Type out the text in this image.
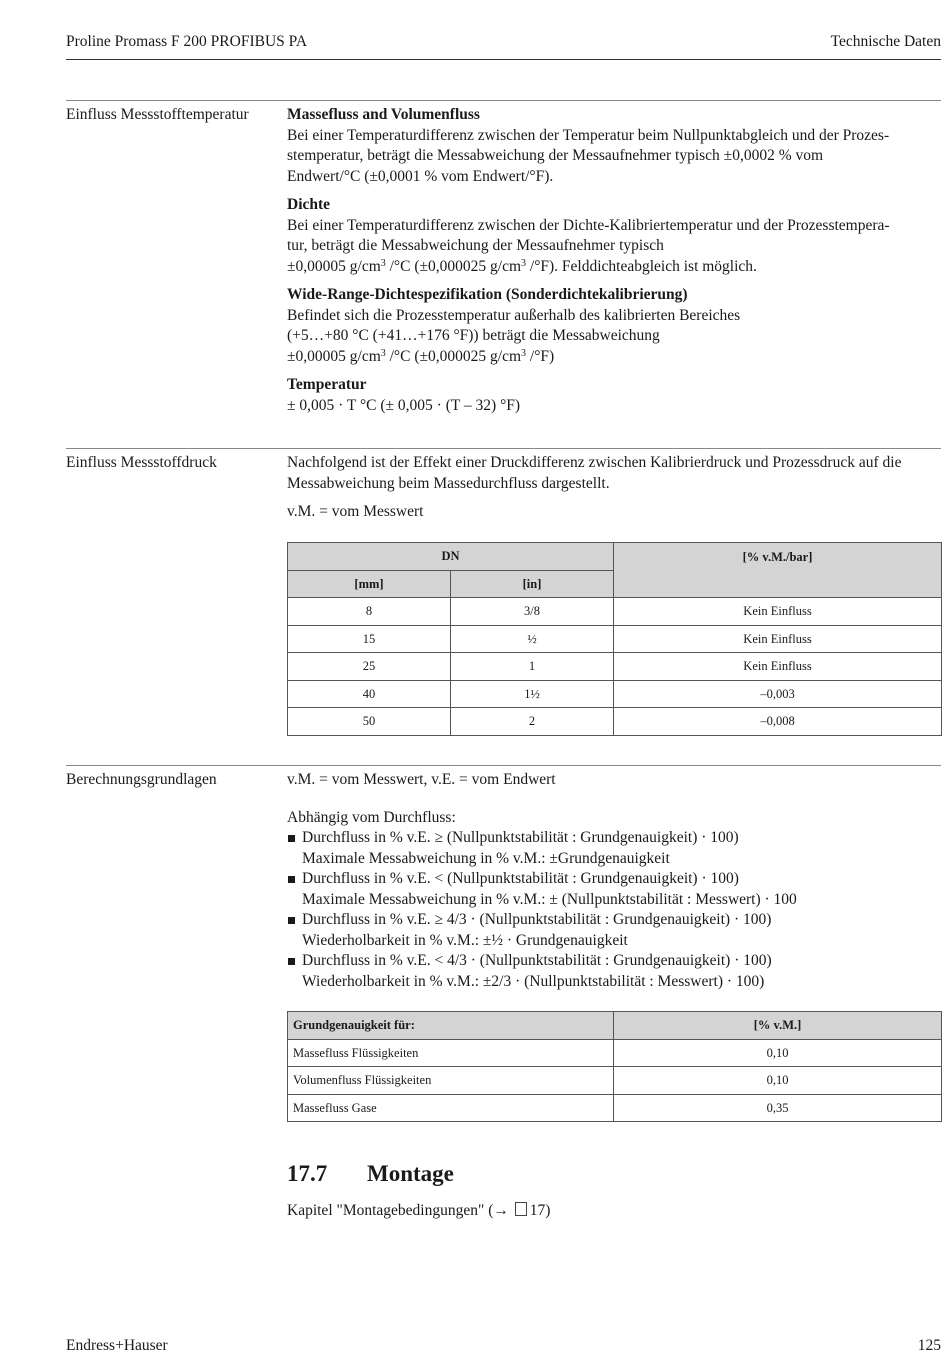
Proline Promass F 200 PROFIBUS PA	Technische Daten
Einfluss Messstofftemperatur	Massefluss and Volumenfluss

Bei einer Temperaturdifferenz zwischen der Temperatur beim Nullpunktabgleich und der Prozes-

stemperatur, beträgt die Messabweichung der Messaufnehmer typisch ±0,0002 % vom

Endwert/°C (±0,0001 % vom Endwert/°F).

Dichte

Bei einer Temperaturdifferenz zwischen der Dichte-Kalibriertemperatur und der Prozesstempera-

tur, beträgt die Messabweichung der Messaufnehmer typisch

±0,00005 $g/cm^3$ /°C (±0,000025 $g/cm^3$ /°F). Felddichteabgleich ist möglich.

Wide-Range-Dichtespezifikation (Sonderdichtekalibrierung)

Befindet sich die Prozesstemperatur außerhalb des kalibrierten Bereiches

(+5…+80 °C (+41…+176 °F)) beträgt die Messabweichung

±0,00005 $g/cm^3$ /°C (±0,000025 $g/cm^3$ /°F)

Temperatur

± 0,005 · T °C (± 0,005 · (T – 32) °F)

Einfluss Messstoffdruck	Nachfolgend ist der Effekt einer Druckdifferenz zwischen Kalibrierdruck und Prozessdruck auf die

Messabweichung beim Massedurchfluss dargestellt.

v.M. = vom Messwert

DN		[% v.M./bar]
[mm]	[in]	
8	3/8	Kein Einfluss
15	½	Kein Einfluss
25	1	Kein Einfluss
40	1½	–0,003
50	2	–0,008
Berechnungsgrundlagen	v.M. = vom Messwert, v.E. = vom Endwert

Abhängig vom Durchfluss:

Durchfluss in % v.E. ≥ (Nullpunktstabilität : Grundgenauigkeit) · 100)
Maximale Messabweichung in % v.M.: ±Grundgenauigkeit
Durchfluss in % v.E. < (Nullpunktstabilität : Grundgenauigkeit) · 100)
Maximale Messabweichung in % v.M.: ± (Nullpunktstabilität : Messwert) · 100
Durchfluss in % v.E. ≥ 4/3 · (Nullpunktstabilität : Grundgenauigkeit) · 100)
Wiederholbarkeit in % v.M.: ±½ · Grundgenauigkeit
Durchfluss in % v.E. < 4/3 · (Nullpunktstabilität : Grundgenauigkeit) · 100)
Wiederholbarkeit in % v.M.: ±2/3 · (Nullpunktstabilität : Messwert) · 100)
Grundgenauigkeit für:	[% v.M.]
Massefluss Flüssigkeiten	0,10
Volumenfluss Flüssigkeiten	0,10
Massefluss Gase	0,35
17.7 Montage
Kapitel "Montagebedingungen" (→ 17)
Endress+Hauser	125
